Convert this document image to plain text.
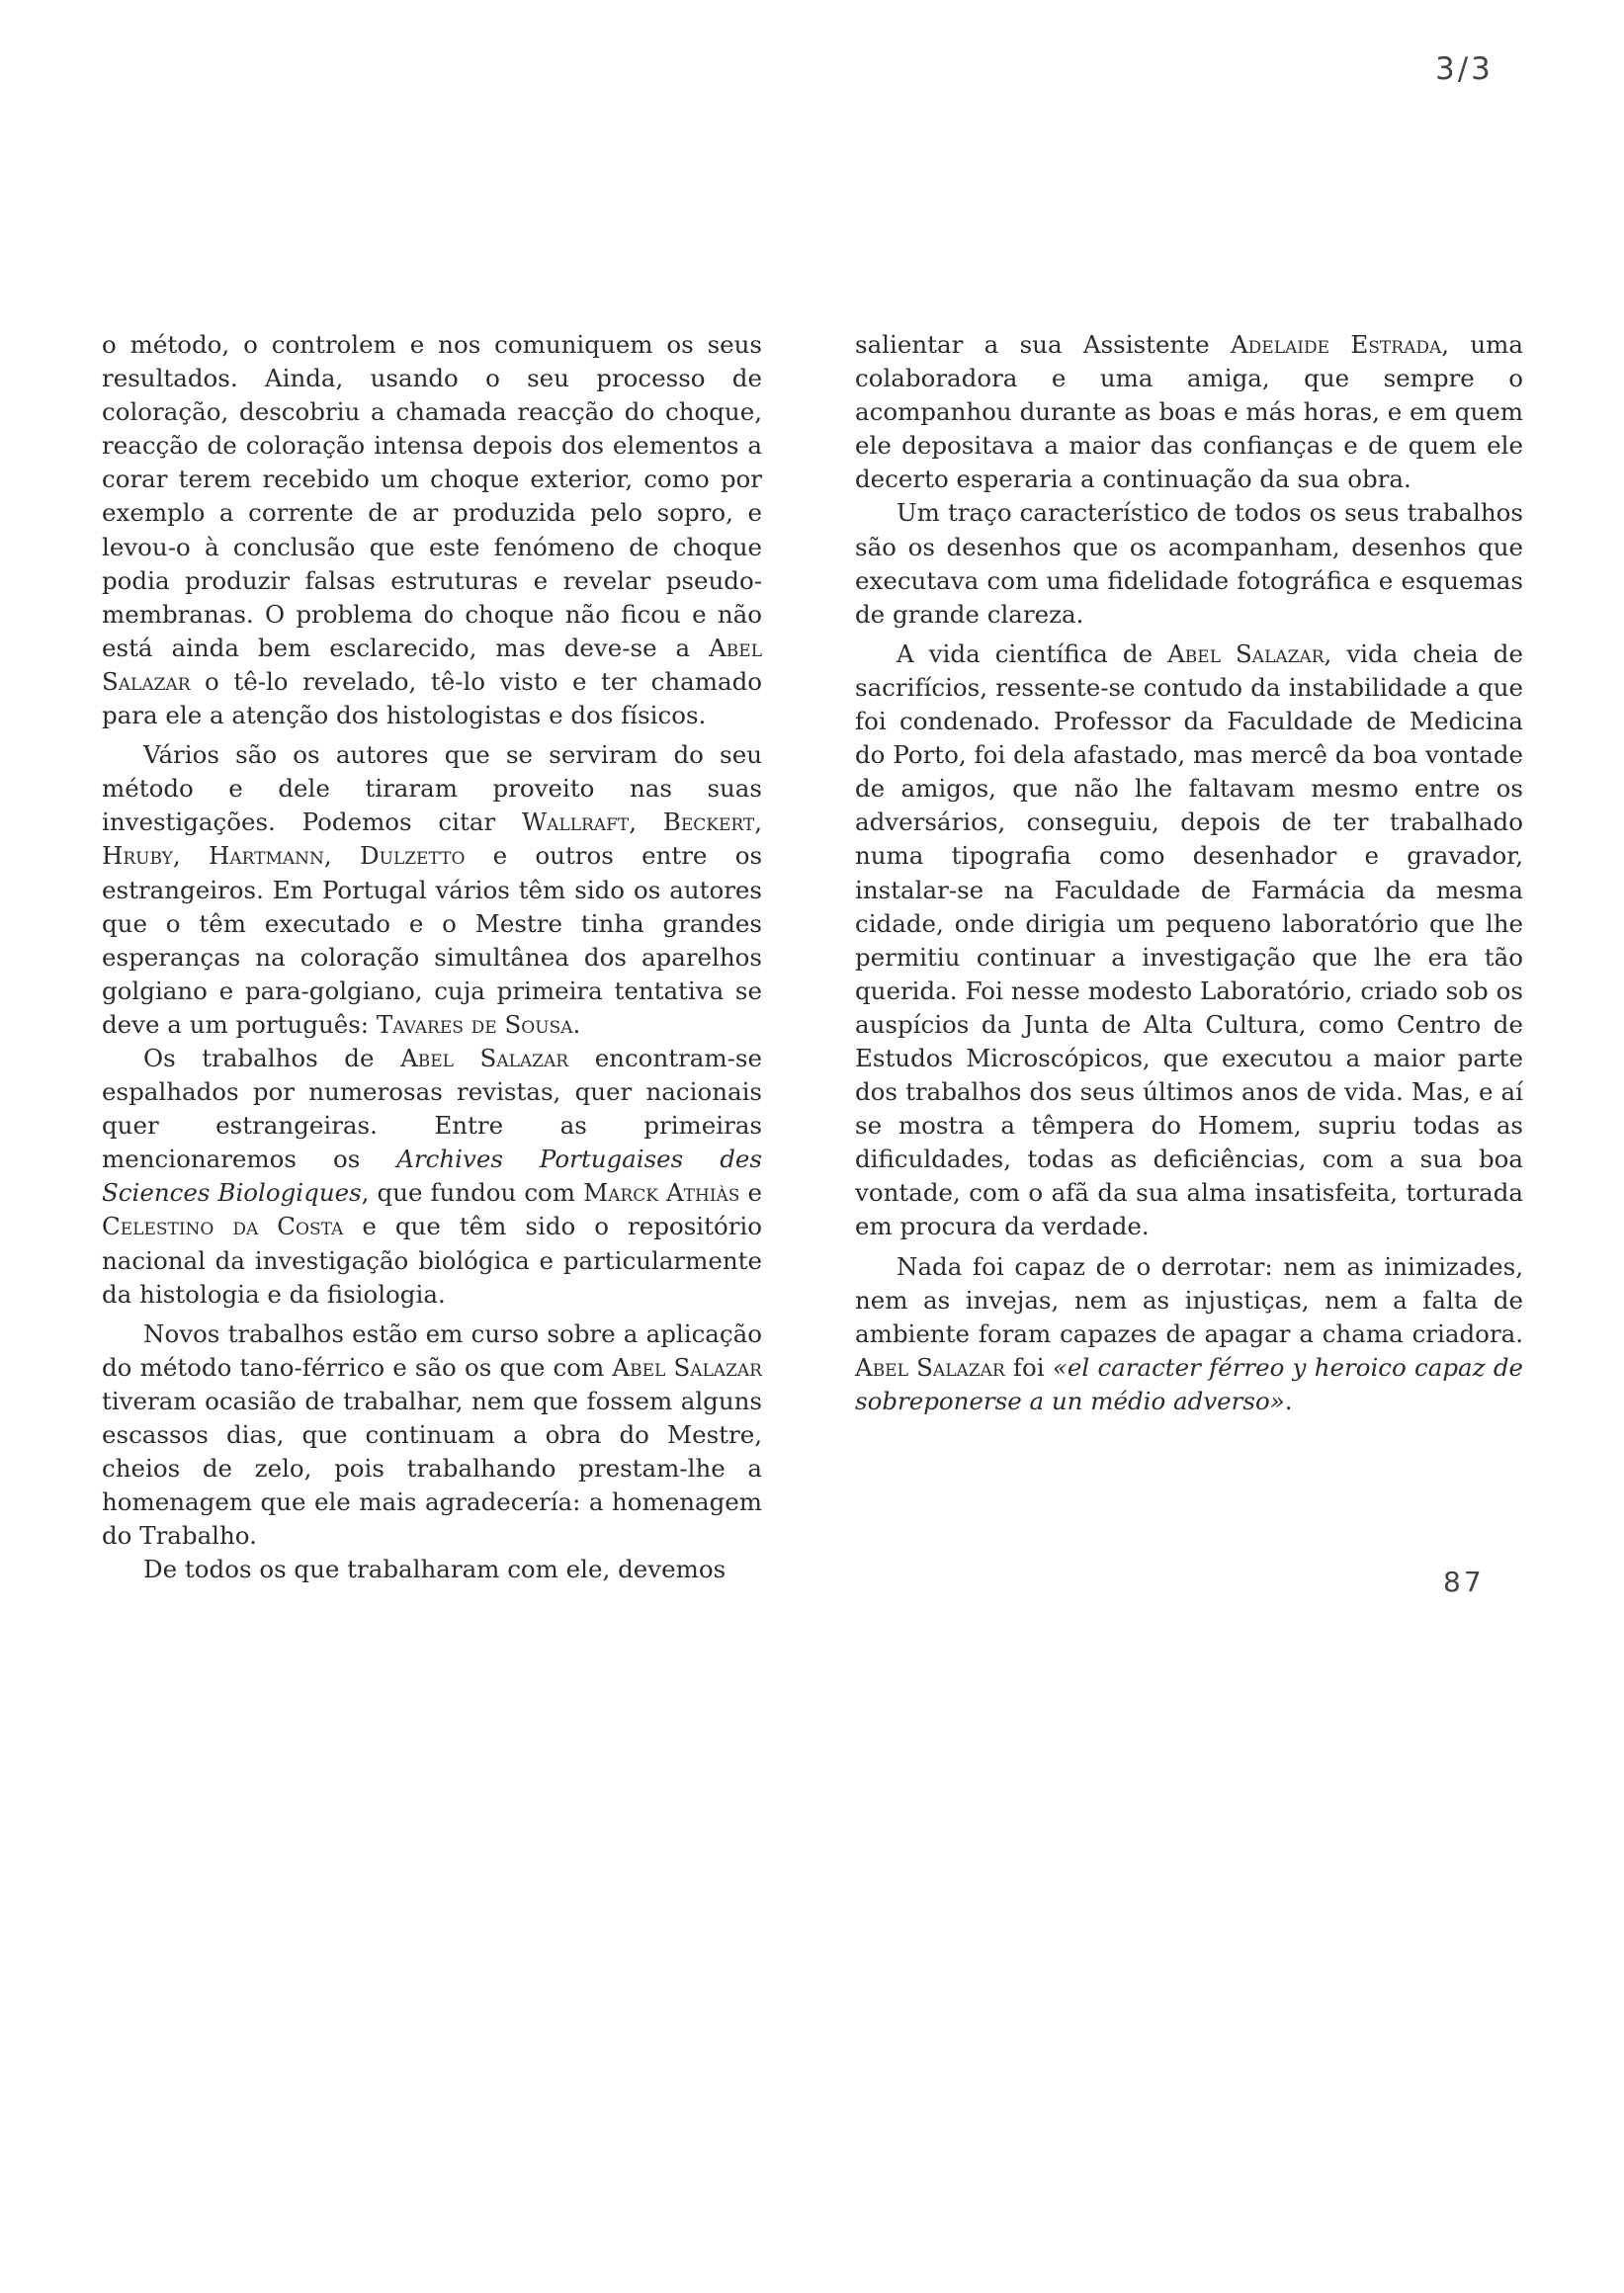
3/3

o método, o controlem e nos comuniquem os seus resultados. Ainda, usando o seu processo de coloração, descobriu a chamada reacção do choque, reacção de coloração intensa depois dos elementos a corar terem recebido um choque exterior, como por exemplo a corrente de ar produzida pelo sopro, e levou-o à conclusão que este fenómeno de choque podia produzir falsas estruturas e revelar pseudo-membranas. O problema do choque não ficou e não está ainda bem esclarecido, mas deve-se a Abel Salazar o tê-lo revelado, tê-lo visto e ter chamado para ele a atenção dos histologistas e dos físicos.

Vários são os autores que se serviram do seu método e dele tiraram proveito nas suas investigações. Podemos citar Wallraft, Beckert, Hruby, Hartmann, Dulzetto e outros entre os estrangeiros. Em Portugal vários têm sido os autores que o têm executado e o Mestre tinha grandes esperanças na coloração simultânea dos aparelhos golgiano e para-golgiano, cuja primeira tentativa se deve a um português: Tavares de Sousa.

Os trabalhos de Abel Salazar encontram-se espalhados por numerosas revistas, quer nacionais quer estrangeiras. Entre as primeiras mencionaremos os Archives Portugaises des Sciences Biologiques, que fundou com Marck Athiàs e Celestino da Costa e que têm sido o repositório nacional da investigação biológica e particularmente da histologia e da fisiologia.

Novos trabalhos estão em curso sobre a aplicação do método tano-férrico e são os que com Abel Salazar tiveram ocasião de trabalhar, nem que fossem alguns escassos dias, que continuam a obra do Mestre, cheios de zelo, pois trabalhando prestam-lhe a homenagem que ele mais agradecería: a homenagem do Trabalho.

De todos os que trabalharam com ele, devemos

salientar a sua Assistente Adelaide Estrada, uma colaboradora e uma amiga, que sempre o acompanhou durante as boas e más horas, e em quem ele depositava a maior das confianças e de quem ele decerto esperaria a continuação da sua obra.

Um traço característico de todos os seus trabalhos são os desenhos que os acompanham, desenhos que executava com uma fidelidade fotográfica e esquemas de grande clareza.

A vida científica de Abel Salazar, vida cheia de sacrifícios, ressente-se contudo da instabilidade a que foi condenado. Professor da Faculdade de Medicina do Porto, foi dela afastado, mas mercê da boa vontade de amigos, que não lhe faltavam mesmo entre os adversários, conseguiu, depois de ter trabalhado numa tipografia como desenhador e gravador, instalar-se na Faculdade de Farmácia da mesma cidade, onde dirigia um pequeno laboratório que lhe permitiu continuar a investigação que lhe era tão querida. Foi nesse modesto Laboratório, criado sob os auspícios da Junta de Alta Cultura, como Centro de Estudos Microscópicos, que executou a maior parte dos trabalhos dos seus últimos anos de vida. Mas, e aí se mostra a têmpera do Homem, supriu todas as dificuldades, todas as deficiências, com a sua boa vontade, com o afã da sua alma insatisfeita, torturada em procura da verdade.

Nada foi capaz de o derrotar: nem as inimizades, nem as invejas, nem as injustiças, nem a falta de ambiente foram capazes de apagar a chama criadora. Abel Salazar foi «el caracter férreo y heroico capaz de sobreponerse a un médio adverso».

87
